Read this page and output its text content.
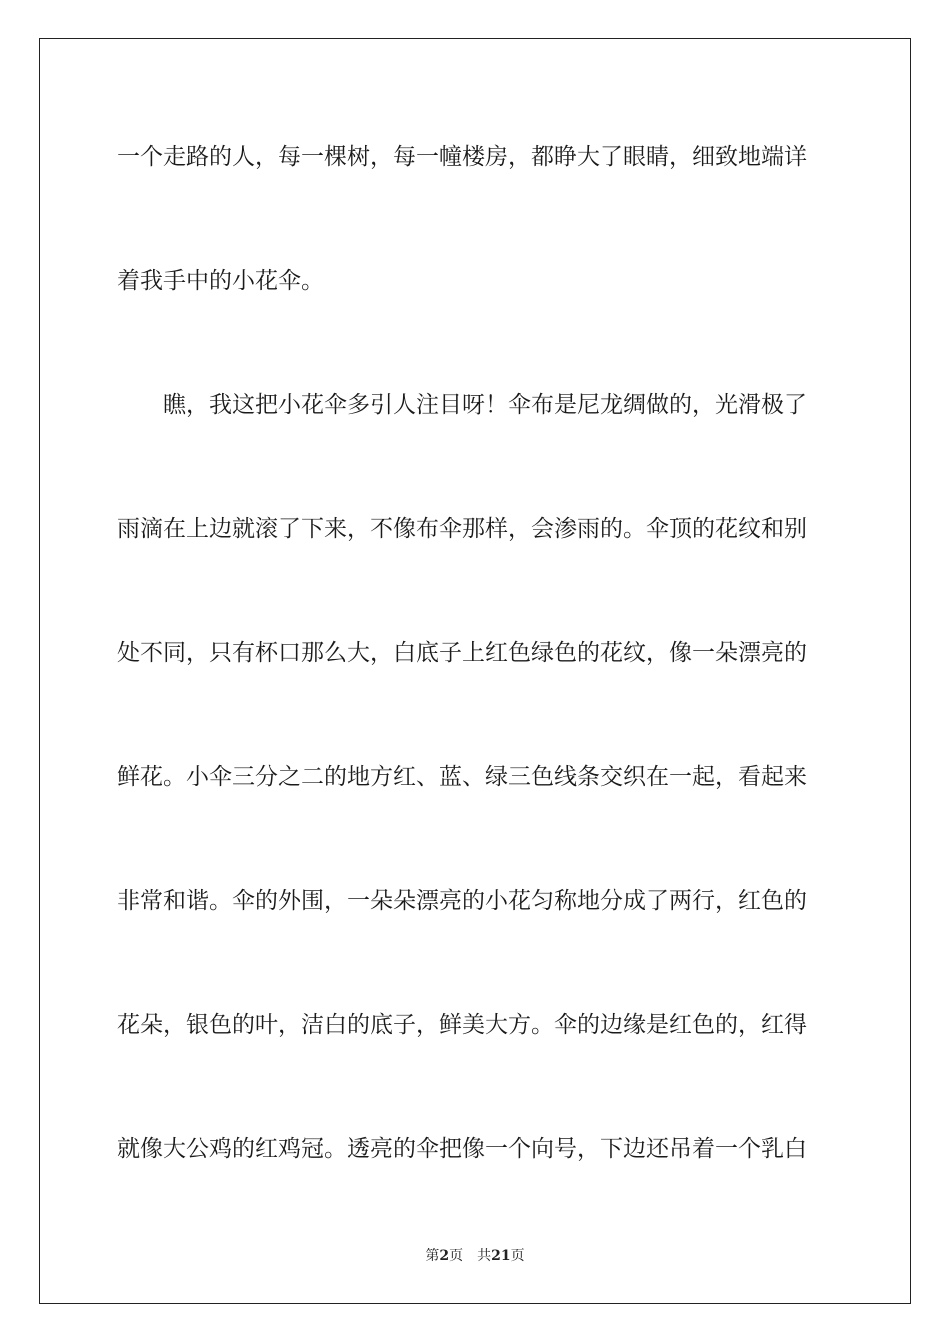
一个走路的人，每一棵树，每一幢楼房，都睁大了眼睛，细致地端详
着我手中的小花伞。
瞧，我这把小花伞多引人注目呀！伞布是尼龙绸做的，光滑极了
雨滴在上边就滚了下来，不像布伞那样，会渗雨的。伞顶的花纹和别
处不同，只有杯口那么大，白底子上红色绿色的花纹，像一朵漂亮的
鲜花。小伞三分之二的地方红、蓝、绿三色线条交织在一起，看起来
非常和谐。伞的外围，一朵朵漂亮的小花匀称地分成了两行，红色的
花朵，银色的叶，洁白的底子，鲜美大方。伞的边缘是红色的，红得
就像大公鸡的红鸡冠。透亮的伞把像一个向号，下边还吊着一个乳白
第2页 共21页
